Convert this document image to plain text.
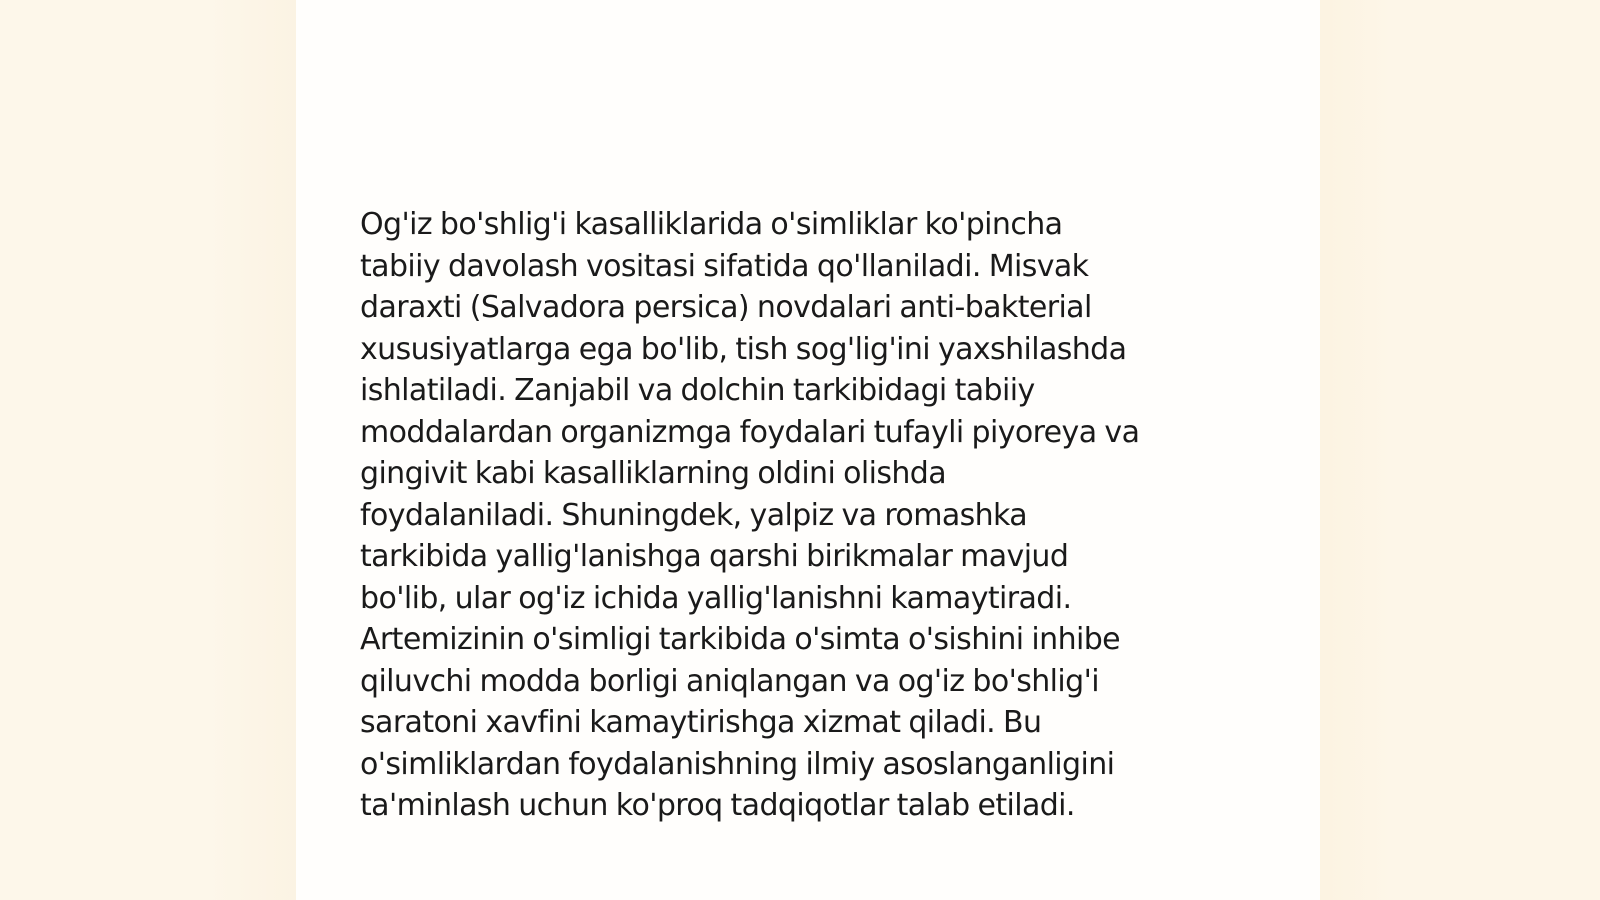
Og'iz bo'shlig'i kasalliklarida o'simliklar ko'pincha
tabiiy davolash vositasi sifatida qo'llaniladi. Misvak
daraxti (Salvadora persica) novdalari anti-bakterial
xususiyatlarga ega bo'lib, tish sog'lig'ini yaxshilashda
ishlatiladi. Zanjabil va dolchin tarkibidagi tabiiy
moddalardan organizmga foydalari tufayli piyoreya va
gingivit kabi kasalliklarning oldini olishda
foydalaniladi. Shuningdek, yalpiz va romashka
tarkibida yallig'lanishga qarshi birikmalar mavjud
bo'lib, ular og'iz ichida yallig'lanishni kamaytiradi.
Artemizinin o'simligi tarkibida o'simta o'sishini inhibe
qiluvchi modda borligi aniqlangan va og'iz bo'shlig'i
saratoni xavfini kamaytirishga xizmat qiladi. Bu
o'simliklardan foydalanishning ilmiy asoslanganligini
ta'minlash uchun ko'proq tadqiqotlar talab etiladi.
